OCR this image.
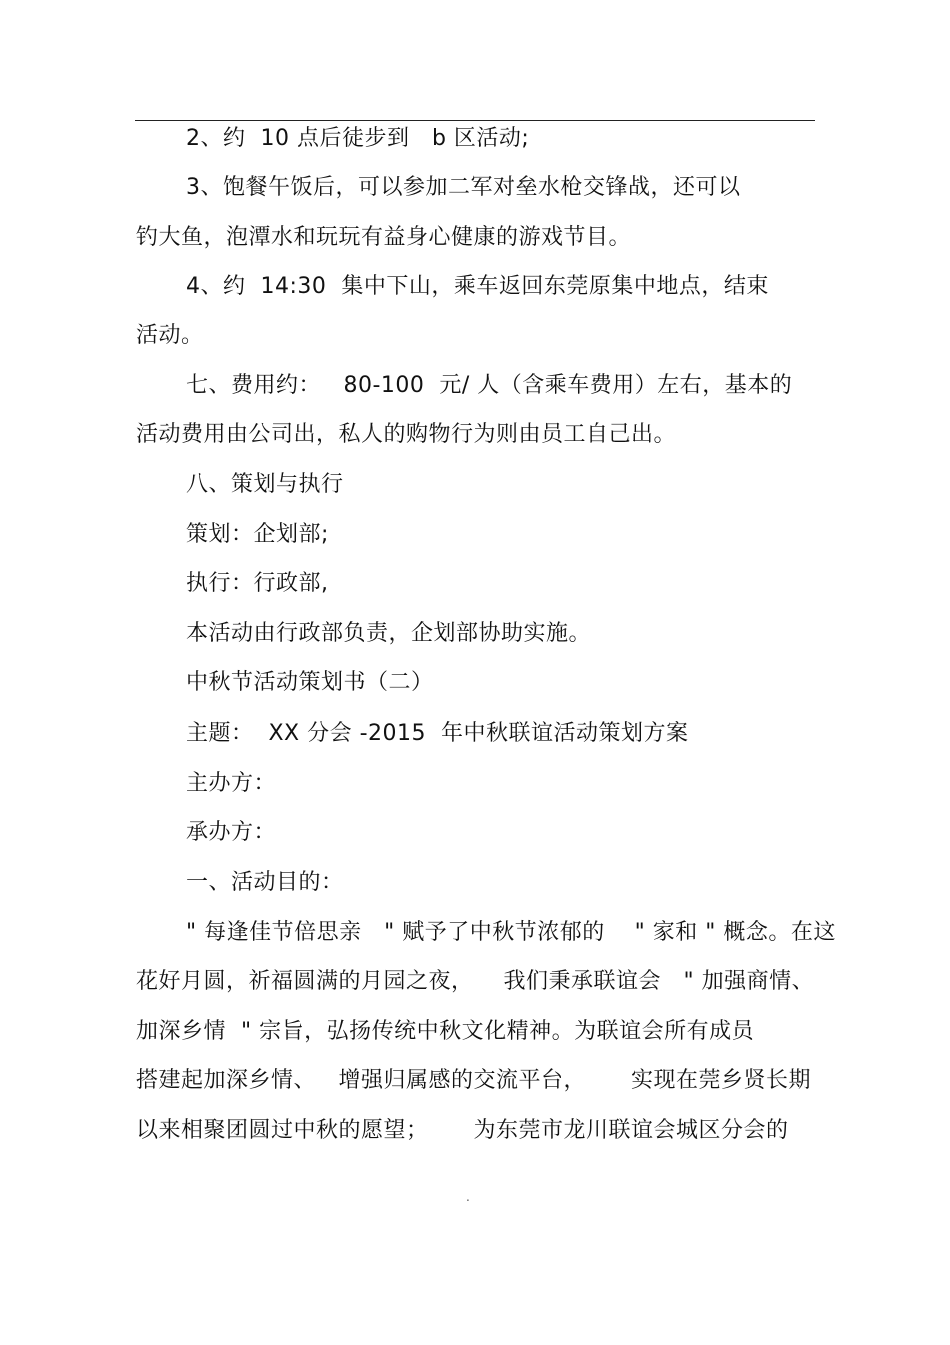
2、约  10 点后徒步到   b 区活动;
3、饱餐午饭后，可以参加二军对垒水枪交锋战，还可以
钓大鱼，泡潭水和玩玩有益身心健康的游戏节目。
4、约  14:30  集中下山，乘车返回东莞原集中地点，结束
活动。
七、费用约：   80-100  元/ 人（含乘车费用）左右，基本的
活动费用由公司出，私人的购物行为则由员工自己出。
八、策划与执行
策划：企划部;
执行：行政部,
本活动由行政部负责，企划部协助实施。
中秋节活动策划书（二）
主题：  XX 分会 -2015  年中秋联谊活动策划方案
主办方：
承办方：
一、活动目的：
" 每逢佳节倍思亲   " 赋予了中秋节浓郁的    " 家和 " 概念。在这
花好月圆，祈福圆满的月园之夜，    我们秉承联谊会   " 加强商情、
加深乡情  " 宗旨，弘扬传统中秋文化精神。为联谊会所有成员
搭建起加深乡情、   增强归属感的交流平台，      实现在莞乡贤长期
以来相聚团圆过中秋的愿望；      为东莞市龙川联谊会城区分会的
.
